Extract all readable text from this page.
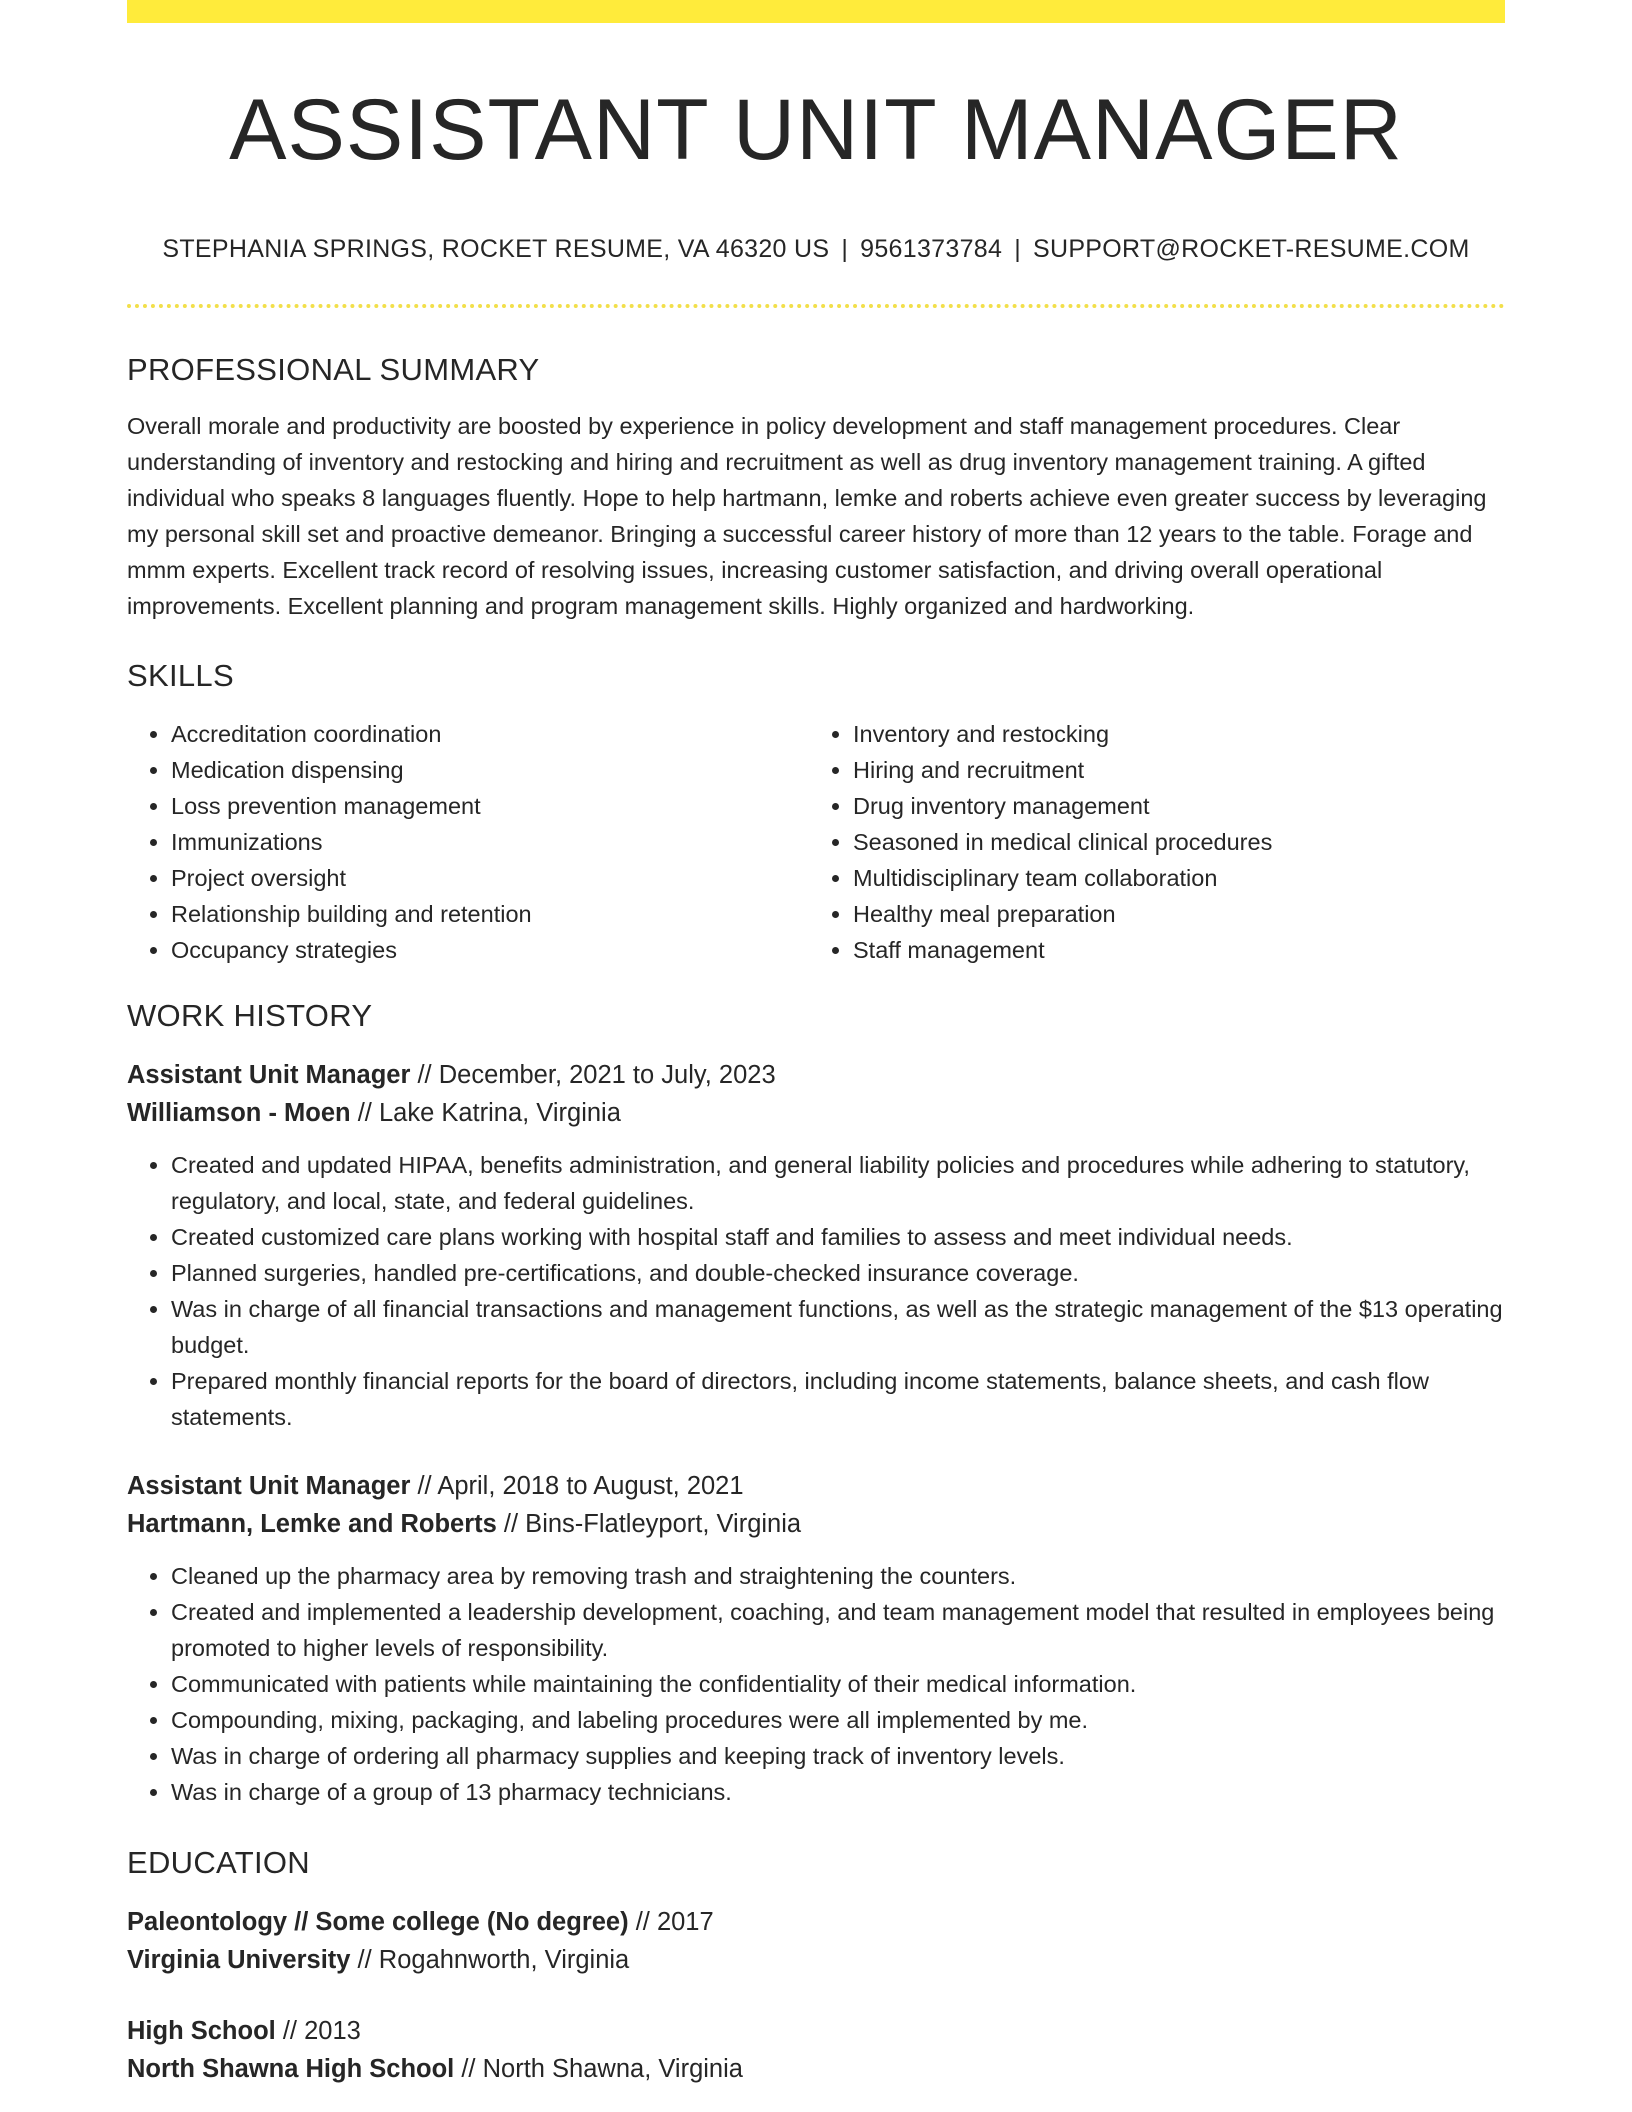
ASSISTANT UNIT MANAGER
STEPHANIA SPRINGS, ROCKET RESUME, VA 46320 US | 9561373784 | SUPPORT@ROCKET-RESUME.COM
PROFESSIONAL SUMMARY
Overall morale and productivity are boosted by experience in policy development and staff management procedures. Clear understanding of inventory and restocking and hiring and recruitment as well as drug inventory management training. A gifted individual who speaks 8 languages fluently. Hope to help hartmann, lemke and roberts achieve even greater success by leveraging my personal skill set and proactive demeanor. Bringing a successful career history of more than 12 years to the table. Forage and mmm experts. Excellent track record of resolving issues, increasing customer satisfaction, and driving overall operational improvements. Excellent planning and program management skills. Highly organized and hardworking.
SKILLS
• Accreditation coordination
• Medication dispensing
• Loss prevention management
• Immunizations
• Project oversight
• Relationship building and retention
• Occupancy strategies
• Inventory and restocking
• Hiring and recruitment
• Drug inventory management
• Seasoned in medical clinical procedures
• Multidisciplinary team collaboration
• Healthy meal preparation
• Staff management
WORK HISTORY
Assistant Unit Manager // December, 2021 to July, 2023
Williamson - Moen // Lake Katrina, Virginia
• Created and updated HIPAA, benefits administration, and general liability policies and procedures while adhering to statutory, regulatory, and local, state, and federal guidelines.
• Created customized care plans working with hospital staff and families to assess and meet individual needs.
• Planned surgeries, handled pre-certifications, and double-checked insurance coverage.
• Was in charge of all financial transactions and management functions, as well as the strategic management of the $13 operating budget.
• Prepared monthly financial reports for the board of directors, including income statements, balance sheets, and cash flow statements.
Assistant Unit Manager // April, 2018 to August, 2021
Hartmann, Lemke and Roberts // Bins-Flatleyport, Virginia
• Cleaned up the pharmacy area by removing trash and straightening the counters.
• Created and implemented a leadership development, coaching, and team management model that resulted in employees being promoted to higher levels of responsibility.
• Communicated with patients while maintaining the confidentiality of their medical information.
• Compounding, mixing, packaging, and labeling procedures were all implemented by me.
• Was in charge of ordering all pharmacy supplies and keeping track of inventory levels.
• Was in charge of a group of 13 pharmacy technicians.
EDUCATION
Paleontology // Some college (No degree) // 2017
Virginia University // Rogahnworth, Virginia
High School // 2013
North Shawna High School // North Shawna, Virginia
